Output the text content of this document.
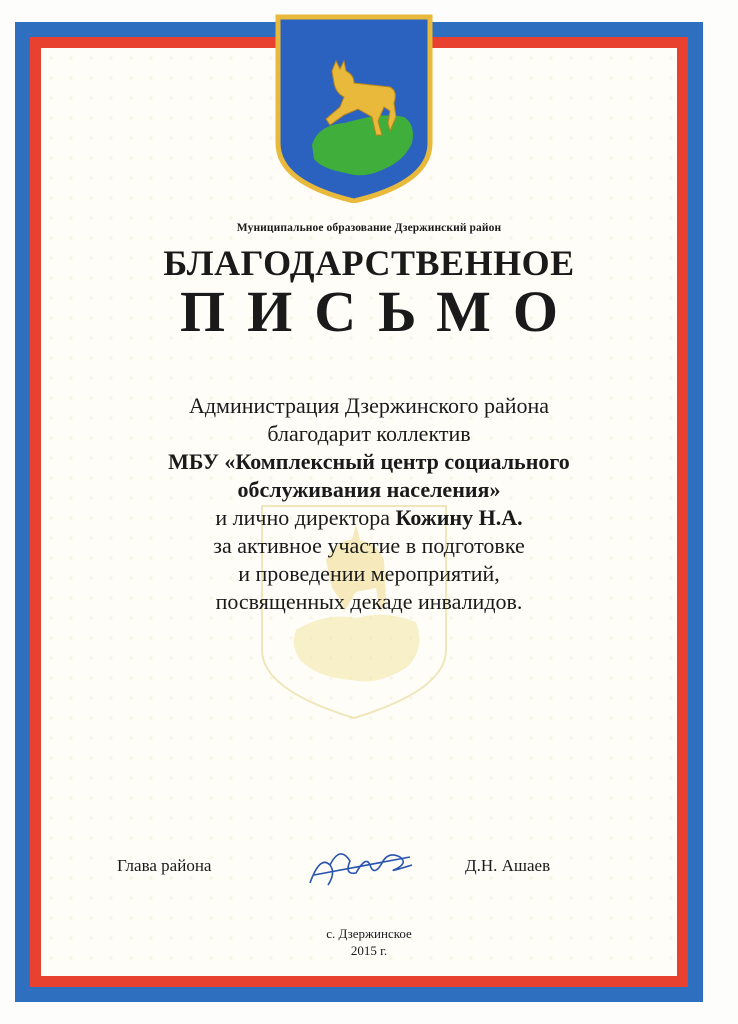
Муниципальное образование Дзержинский район
БЛАГОДАРСТВЕННОЕ
ПИСЬМО
Администрация Дзержинского района
благодарит коллектив
МБУ «Комплексный центр социального
обслуживания населения»
и лично директора Кожину Н.А.
за активное участие в подготовке
и проведении мероприятий,
посвященных декаде инвалидов.
Глава района	Д.Н. Ашаев
с. Дзержинское
2015 г.
